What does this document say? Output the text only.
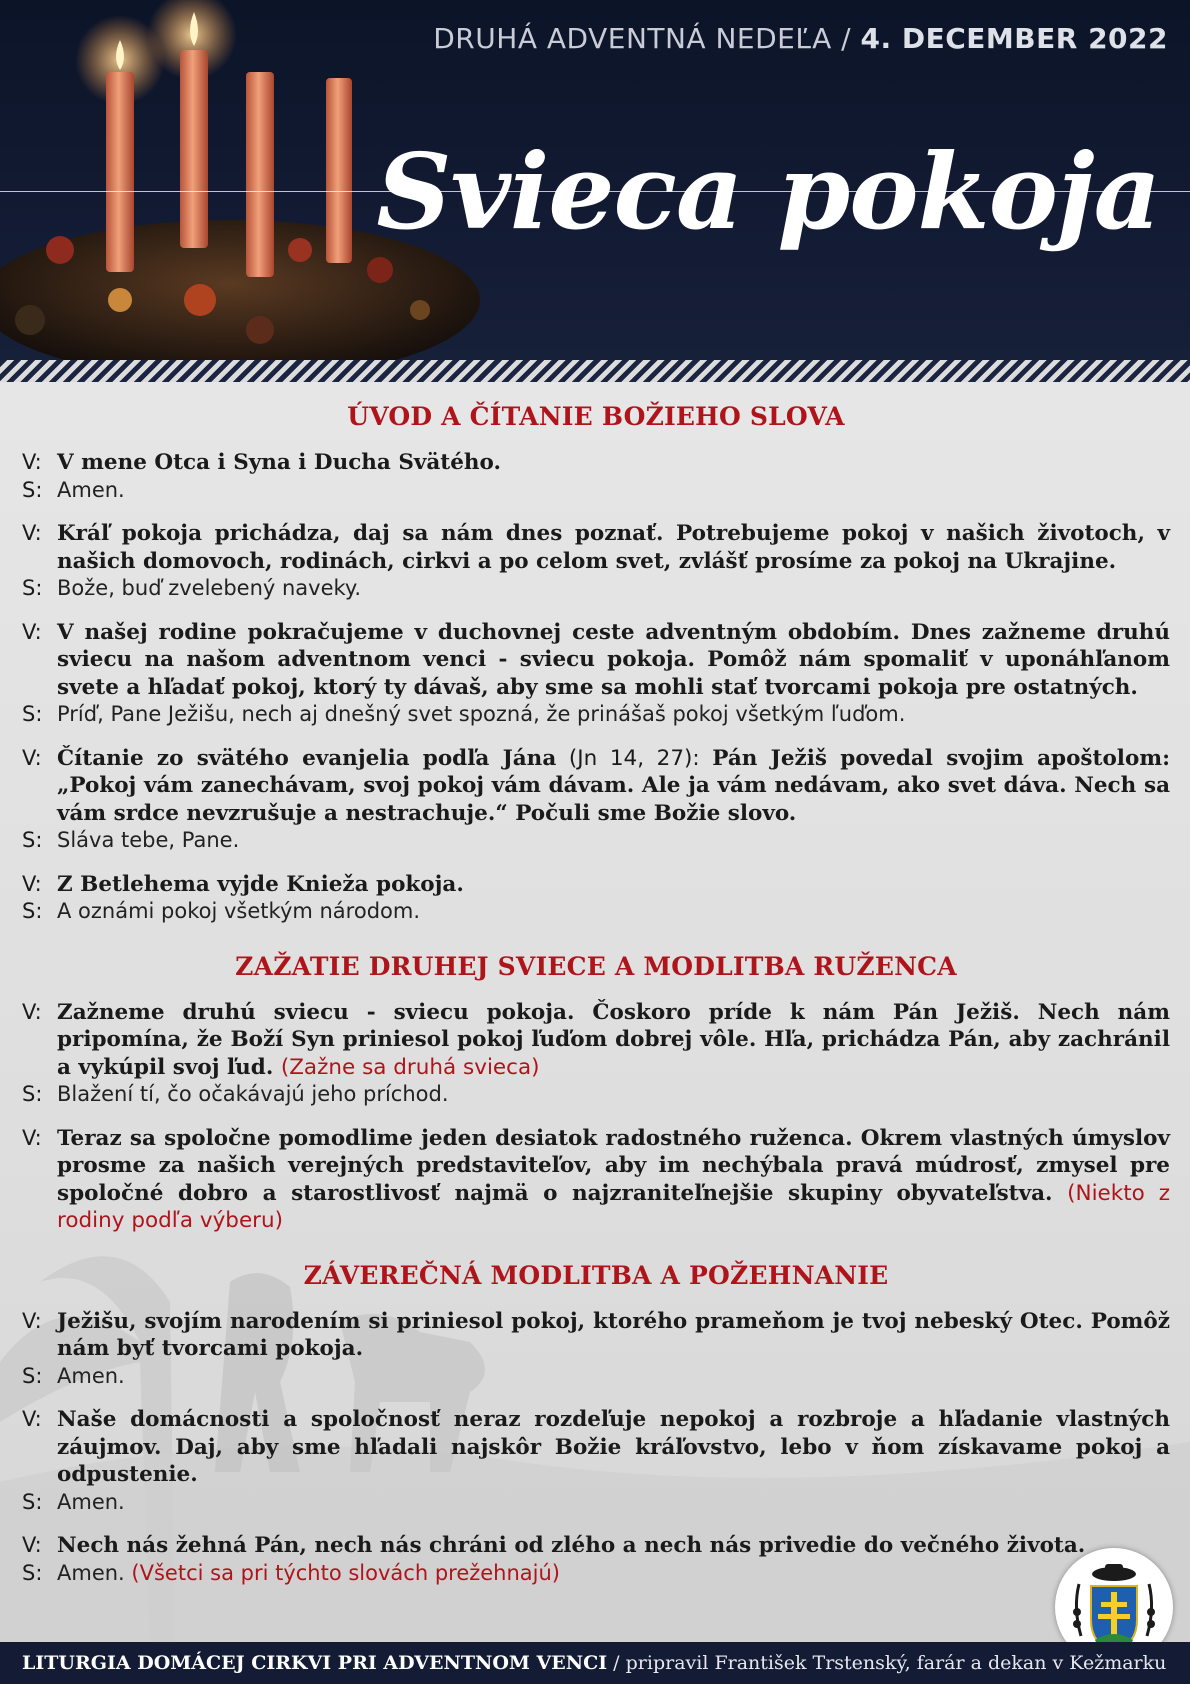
DRUHÁ ADVENTNÁ NEDEĽA / 4. DECEMBER 2022
Svieca pokoja
ÚVOD A ČÍTANIE BOŽIEHO SLOVA
V: V mene Otca i Syna i Ducha Svätého.
S: Amen.
V: Kráľ pokoja prichádza, daj sa nám dnes poznať. Potrebujeme pokoj v našich životoch, v našich domovoch, rodinách, cirkvi a po celom svet, zvlášť prosíme za pokoj na Ukrajine.
S: Bože, buď zvelebený naveky.
V: V našej rodine pokračujeme v duchovnej ceste adventným obdobím. Dnes zažneme druhú sviecu na našom adventnom venci - sviecu pokoja. Pomôž nám spomaliť v uponáhľanom svete a hľadať pokoj, ktorý ty dávaš, aby sme sa mohli stať tvorcami pokoja pre ostatných.
S: Príď, Pane Ježišu, nech aj dnešný svet spozná, že prinášaš pokoj všetkým ľuďom.
V: Čítanie zo svätého evanjelia podľa Jána (Jn 14, 27): Pán Ježiš povedal svojim apoštolom: „Pokoj vám zanechávam, svoj pokoj vám dávam. Ale ja vám nedávam, ako svet dáva. Nech sa vám srdce nevzrušuje a nestrachuje.“ Počuli sme Božie slovo.
S: Sláva tebe, Pane.
V: Z Betlehema vyjde Knieža pokoja.
S: A oznámi pokoj všetkým národom.
ZAŽATIE DRUHEJ SVIECE A MODLITBA RUŽENCA
V: Zažneme druhú sviecu - sviecu pokoja. Čoskoro príde k nám Pán Ježiš. Nech nám pripomína, že Boží Syn priniesol pokoj ľuďom dobrej vôle. Hľa, prichádza Pán, aby zachránil a vykúpil svoj ľud. (Zažne sa druhá svieca)
S: Blažení tí, čo očakávajú jeho príchod.
V: Teraz sa spoločne pomodlime jeden desiatok radostného ruženca. Okrem vlastných úmyslov prosme za našich verejných predstaviteľov, aby im nechýbala pravá múdrosť, zmysel pre spoločné dobro a starostlivosť najmä o najzraniteľnejšie skupiny obyvateľstva. (Niekto z rodiny podľa výberu)
ZÁVEREČNÁ MODLITBA A POŽEHNANIE
V: Ježišu, svojím narodením si priniesol pokoj, ktorého prameňom je tvoj nebeský Otec. Pomôž nám byť tvorcami pokoja.
S: Amen.
V: Naše domácnosti a spoločnosť neraz rozdeľuje nepokoj a rozbroje a hľadanie vlastných záujmov. Daj, aby sme hľadali najskôr Božie kráľovstvo, lebo v ňom získavame pokoj a odpustenie.
S: Amen.
V: Nech nás žehná Pán, nech nás chráni od zlého a nech nás privedie do večného života.
S: Amen. (Všetci sa pri týchto slovách prežehnajú)
LITURGIA DOMÁCEJ CIRKVI PRI ADVENTNOM VENCI / pripravil František Trstenský, farár a dekan v Kežmarku
